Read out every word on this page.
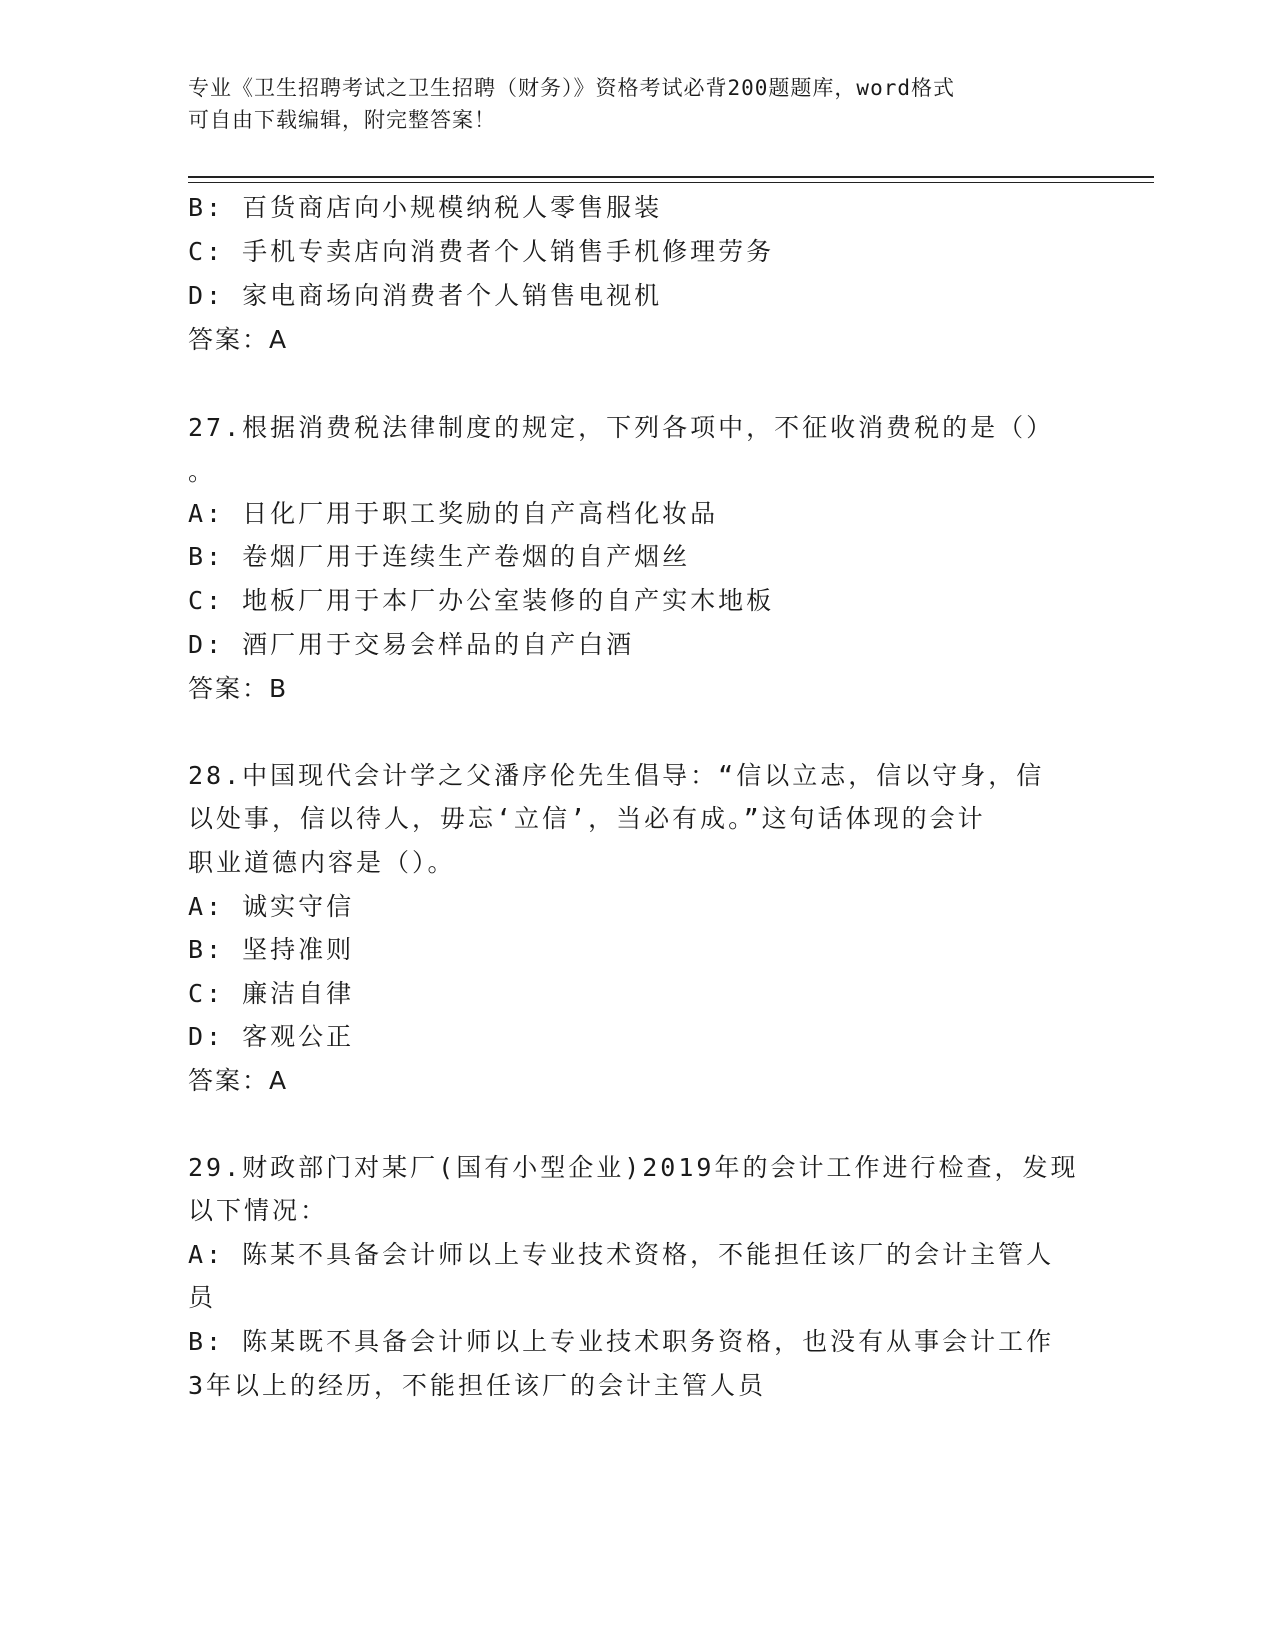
专业《卫生招聘考试之卫生招聘（财务）》资格考试必背200题题库，word格式
可自由下载编辑，附完整答案！
B: 百货商店向小规模纳税人零售服装
C: 手机专卖店向消费者个人销售手机修理劳务
D: 家电商场向消费者个人销售电视机
答案：A
27.根据消费税法律制度的规定，下列各项中，不征收消费税的是（）
。
A: 日化厂用于职工奖励的自产高档化妆品
B: 卷烟厂用于连续生产卷烟的自产烟丝
C: 地板厂用于本厂办公室装修的自产实木地板
D: 酒厂用于交易会样品的自产白酒
答案：B
28.中国现代会计学之父潘序伦先生倡导：“信以立志，信以守身，信
以处事，信以待人，毋忘‘立信’，当必有成。”这句话体现的会计
职业道德内容是（）。
A: 诚实守信
B: 坚持准则
C: 廉洁自律
D: 客观公正
答案：A
29.财政部门对某厂(国有小型企业)2019年的会计工作进行检查，发现
以下情况：
A: 陈某不具备会计师以上专业技术资格，不能担任该厂的会计主管人
员
B: 陈某既不具备会计师以上专业技术职务资格，也没有从事会计工作
3年以上的经历，不能担任该厂的会计主管人员
